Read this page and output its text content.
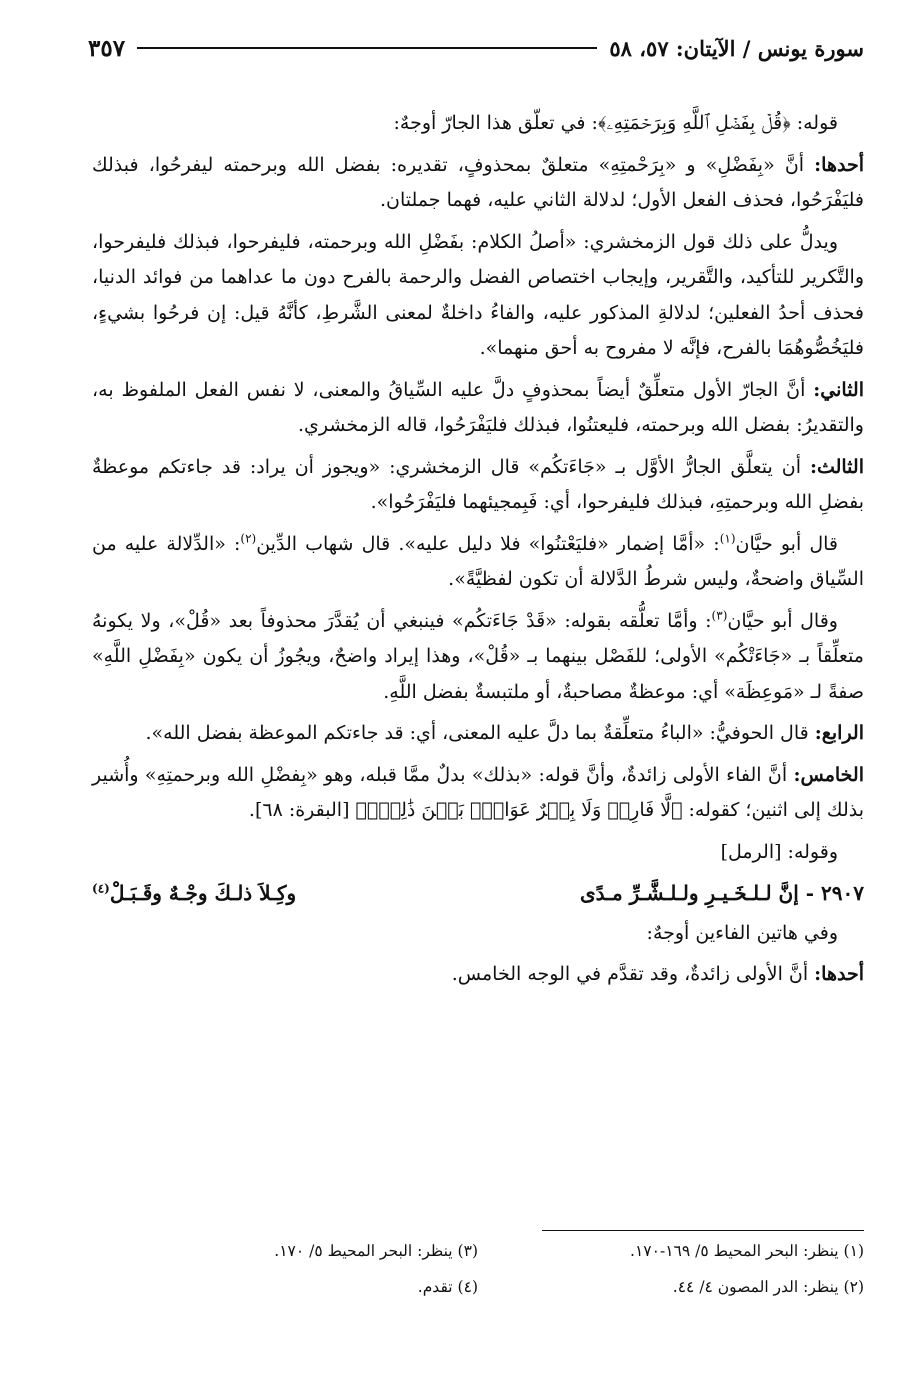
سورة يونس / الآيتان: ٥٧، ٥٨
٣٥٧

قوله: ﴿قُلۡ بِفَضۡلِ ٱللَّهِ وَبِرَحۡمَتِهِۦ﴾: في تعلّق هذا الجارّ أوجهٌ:

أحدها: أنَّ «بِفَضْلِ» و «بِرَحْمتِهِ» متعلقٌ بمحذوفٍ، تقديره: بفضل الله وبرحمته ليفرحُوا، فبذلك فليَفْرَحُوا، فحذف الفعل الأول؛ لدلالة الثاني عليه، فهما جملتان.

ويدلُّ على ذلك قول الزمخشري: «أصلُ الكلام: بفَضْلِ الله وبرحمته، فليفرحوا، فبذلك فليفرحوا، والتَّكرير للتأكيد، والتَّقرير، وإيجاب اختصاص الفضل والرحمة بالفرح دون ما عداهما من فوائد الدنيا، فحذف أحدُ الفعلين؛ لدلالةِ المذكور عليه، والفاءُ داخلةٌ لمعنى الشَّرطِ، كأنَّهُ قيل: إن فرحُوا بشيءٍ، فليَخُصُّوهُمَا بالفرح، فإنَّه لا مفروح به أحق منهما».

الثاني: أنَّ الجارّ الأول متعلِّقٌ أيضاً بمحذوفٍ دلَّ عليه السِّياقُ والمعنى، لا نفس الفعل الملفوظ به، والتقديرُ: بفضل الله وبرحمته، فليعتنُوا، فبذلك فليَفْرَحُوا، قاله الزمخشري.

الثالث: أن يتعلَّق الجارُّ الأوَّل بـ «جَاءَتكُم» قال الزمخشري: «ويجوز أن يراد: قد جاءتكم موعظةٌ بفضلِ الله وبرحمتِهِ، فبذلك فليفرحوا، أي: فَبِمجيئهما فليَفْرَحُوا».

قال أبو حيَّان$^{(١)}$: «أمَّا إضمار «فليَعْتنُوا» فلا دليل عليه». قال شهاب الدِّين$^{(٢)}$: «الدِّلالة عليه من السِّياق واضحةٌ، وليس شرطُ الدَّلالة أن تكون لفظيَّةً».

وقال أبو حيَّان$^{(٣)}$: وأمَّا تعلُّقه بقوله: «قَدْ جَاءَتكُم» فينبغي أن يُقدَّرَ محذوفاً بعد «قُلْ»، ولا يكونهُ متعلِّقاً بـ «جَاءَتْكُم» الأولى؛ للفَصْل بينهما بـ «قُلْ»، وهذا إيراد واضحٌ، ويجُوزُ أن يكون «بِفَضْلِ اللَّهِ» صفةً لـ «مَوعِظَة» أي: موعظةٌ مصاحبةٌ، أو ملتبسةٌ بفضل اللَّهِ.

الرابع: قال الحوفيُّ: «الباءُ متعلِّقةٌ بما دلَّ عليه المعنى، أي: قد جاءتكم الموعظة بفضل الله».

الخامس: أنَّ الفاء الأولى زائدةٌ، وأنَّ قوله: «بذلك» بدلٌ ممَّا قبله، وهو «بِفضْلِ الله وبرحمتِهِ» وأُشير بذلك إلى اثنين؛ كقوله: ﴿لَّا فَارِضٞ وَلَا بِكۡرٌ عَوَانُۢ بَيۡنَ ذَٰلِكَۖ﴾ [البقرة: ٦٨].

وقوله: [الرمل]

٢٩٠٧ - إنَّ لـلـخَـيـرِ ولـلـشَّـرِّ مـدًى
وكِـلاَ ذلـكَ وجْـهٌ وقَـبَـلْ$^{(٤)}$

وفي هاتين الفاءين أوجهٌ:

أحدها: أنَّ الأولى زائدةٌ، وقد تقدَّم في الوجه الخامس.

(١) ينظر: البحر المحيط ٥/ ١٦٩-١٧٠.
(٣) ينظر: البحر المحيط ٥/ ١٧٠.
(٢) ينظر: الدر المصون ٤/ ٤٤.
(٤) تقدم.
